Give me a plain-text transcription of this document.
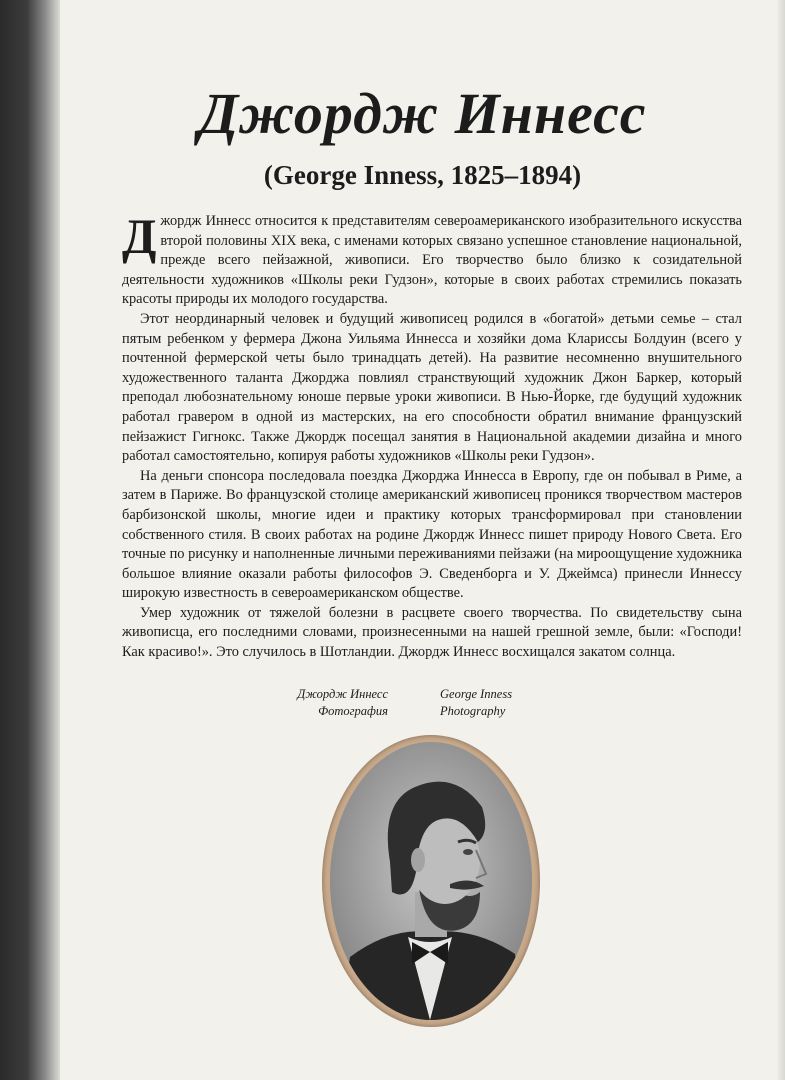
Джордж Иннесс
(George Inness, 1825–1894)

Джордж Иннесс относится к представителям североамериканского изобразительного искусства второй половины XIX века, с именами которых связано успешное становление национальной, прежде всего пейзажной, живописи. Его творчество было близко к созидательной деятельности художников «Школы реки Гудзон», которые в своих работах стремились показать красоты природы их молодого государства.

Этот неординарный человек и будущий живописец родился в «богатой» детьми семье – стал пятым ребенком у фермера Джона Уильяма Иннесса и хозяйки дома Клариссы Болдуин (всего у почтенной фермерской четы было тринадцать детей). На развитие несомненно внушительного художественного таланта Джорджа повлиял странствующий художник Джон Баркер, который преподал любознательному юноше первые уроки живописи. В Нью-Йорке, где будущий художник работал гравером в одной из мастерских, на его способности обратил внимание французский пейзажист Гигнокс. Также Джордж посещал занятия в Национальной академии дизайна и много работал самостоятельно, копируя работы художников «Школы реки Гудзон».

На деньги спонсора последовала поездка Джорджа Иннесса в Европу, где он побывал в Риме, а затем в Париже. Во французской столице американский живописец проникся творчеством мастеров барбизонской школы, многие идеи и практику которых трансформировал при становлении собственного стиля. В своих работах на родине Джордж Иннесс пишет природу Нового Света. Его точные по рисунку и наполненные личными переживаниями пейзажи (на мироощущение художника большое влияние оказали работы философов Э. Сведенборга и У. Джеймса) принесли Иннессу широкую известность в североамериканском обществе.

Умер художник от тяжелой болезни в расцвете своего творчества. По свидетельству сына живописца, его последними словами, произнесенными на нашей грешной земле, были: «Господи! Как красиво!». Это случилось в Шотландии. Джордж Иннесс восхищался закатом солнца.

Джордж Иннесс
Фотография
George Inness
Photography
